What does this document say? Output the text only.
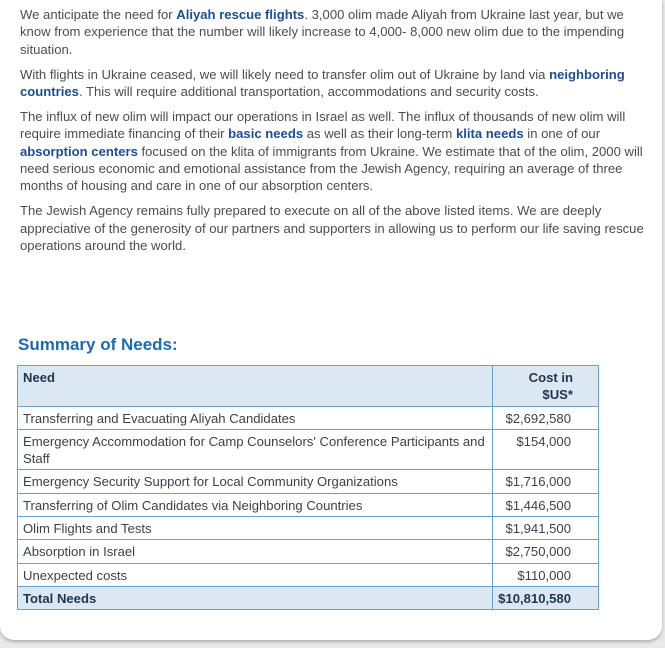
We anticipate the need for Aliyah rescue flights. 3,000 olim made Aliyah from Ukraine last year, but we know from experience that the number will likely increase to 4,000- 8,000 new olim due to the impending situation.

With flights in Ukraine ceased, we will likely need to transfer olim out of Ukraine by land via neighboring countries. This will require additional transportation, accommodations and security costs.

The influx of new olim will impact our operations in Israel as well. The influx of thousands of new olim will require immediate financing of their basic needs as well as their long-term klita needs in one of our absorption centers focused on the klita of immigrants from Ukraine. We estimate that of the olim, 2000 will need serious economic and emotional assistance from the Jewish Agency, requiring an average of three months of housing and care in one of our absorption centers.

The Jewish Agency remains fully prepared to execute on all of the above listed items. We are deeply appreciative of the generosity of our partners and supporters in allowing us to perform our life saving rescue operations around the world.

Summary of Needs:
Need	Cost in $US*
Transferring and Evacuating Aliyah Candidates	$2,692,580
Emergency Accommodation for Camp Counselors' Conference Participants and Staff	$154,000
Emergency Security Support for Local Community Organizations	$1,716,000
Transferring of Olim Candidates via Neighboring Countries	$1,446,500
Olim Flights and Tests	$1,941,500
Absorption in Israel	$2,750,000
Unexpected costs	$110,000
Total Needs	$10,810,580
